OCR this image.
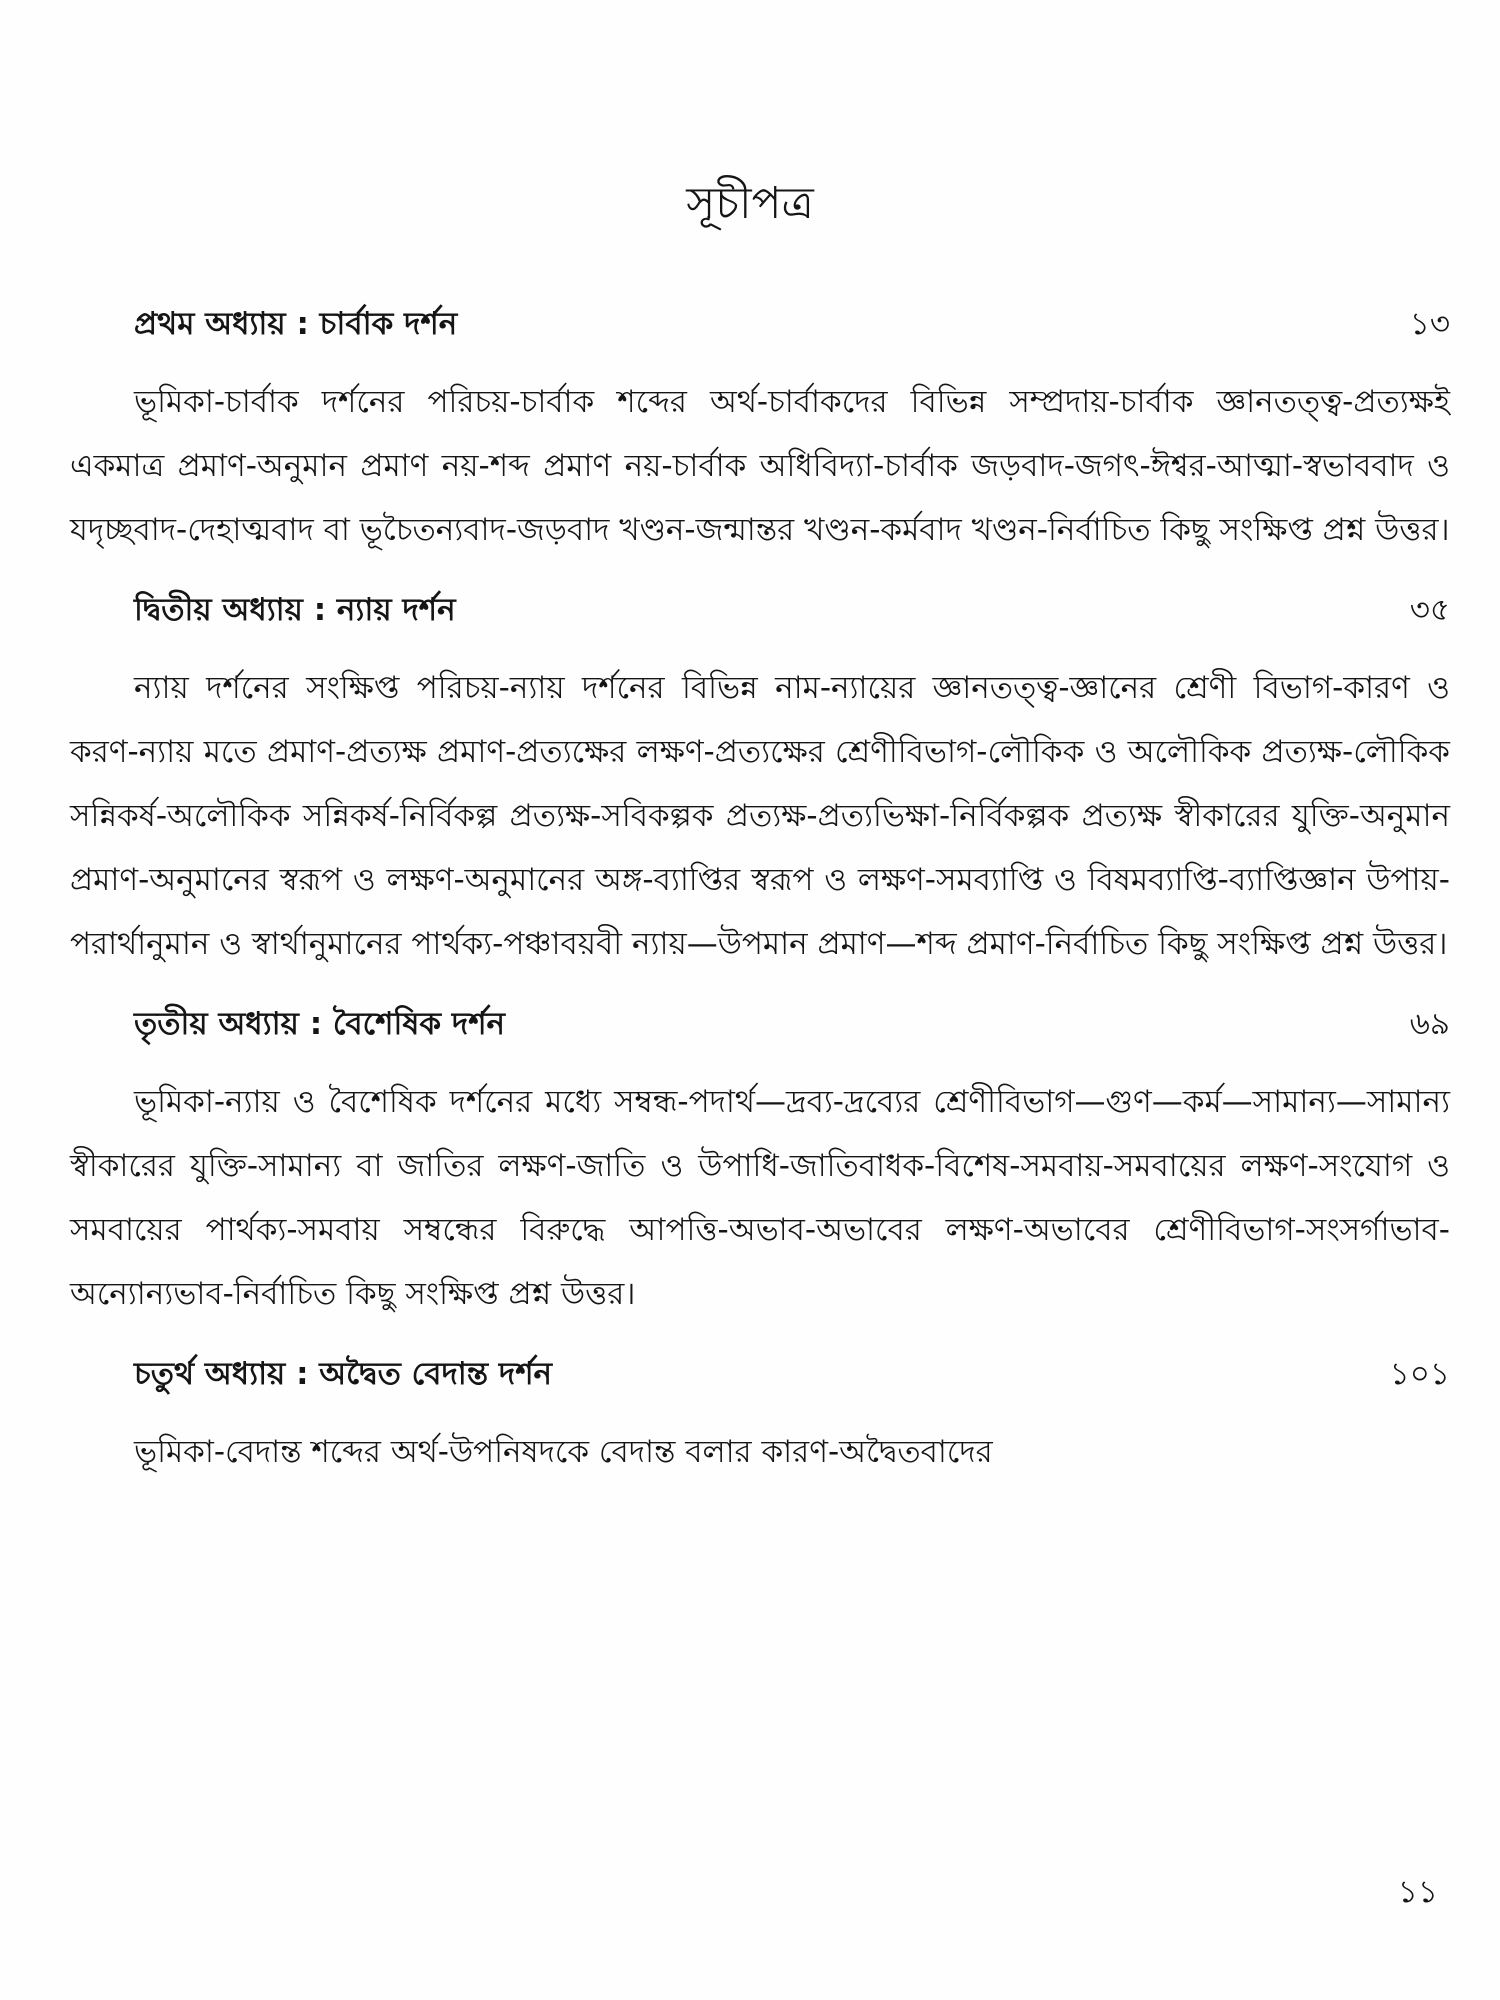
সূচীপত্র
প্রথম অধ্যায় : চার্বাক দর্শন	১৩

ভূমিকা-চার্বাক দর্শনের পরিচয়-চার্বাক শব্দের অর্থ-চার্বাকদের বিভিন্ন সম্প্রদায়-চার্বাক জ্ঞানতত্ত্ব-প্রত্যক্ষই একমাত্র প্রমাণ-অনুমান প্রমাণ নয়-শব্দ প্রমাণ নয়-চার্বাক অধিবিদ্যা-চার্বাক জড়বাদ-জগৎ-ঈশ্বর-আত্মা-স্বভাববাদ ও যদৃচ্ছবাদ-দেহাত্মবাদ বা ভূচৈতন্যবাদ-জড়বাদ খণ্ডন-জন্মান্তর খণ্ডন-কর্মবাদ খণ্ডন-নির্বাচিত কিছু সংক্ষিপ্ত প্রশ্ন উত্তর।

দ্বিতীয় অধ্যায় : ন্যায় দর্শন	৩৫

ন্যায় দর্শনের সংক্ষিপ্ত পরিচয়-ন্যায় দর্শনের বিভিন্ন নাম-ন্যায়ের জ্ঞানতত্ত্ব-জ্ঞানের শ্রেণী বিভাগ-কারণ ও করণ-ন্যায় মতে প্রমাণ-প্রত্যক্ষ প্রমাণ-প্রত্যক্ষের লক্ষণ-প্রত্যক্ষের শ্রেণীবিভাগ-লৌকিক ও অলৌকিক প্রত্যক্ষ-লৌকিক সন্নিকর্ষ-অলৌকিক সন্নিকর্ষ-নির্বিকল্প প্রত্যক্ষ-সবিকল্পক প্রত্যক্ষ-প্রত্যভিক্ষা-নির্বিকল্পক প্রত্যক্ষ স্বীকারের যুক্তি-অনুমান প্রমাণ-অনুমানের স্বরূপ ও লক্ষণ-অনুমানের অঙ্গ-ব্যাপ্তির স্বরূপ ও লক্ষণ-সমব্যাপ্তি ও বিষমব্যাপ্তি-ব্যাপ্তিজ্ঞান উপায়-পরার্থানুমান ও স্বার্থানুমানের পার্থক্য-পঞ্চাবয়বী ন্যায়—উপমান প্রমাণ—শব্দ প্রমাণ-নির্বাচিত কিছু সংক্ষিপ্ত প্রশ্ন উত্তর।

তৃতীয় অধ্যায় : বৈশেষিক দর্শন	৬৯

ভূমিকা-ন্যায় ও বৈশেষিক দর্শনের মধ্যে সম্বন্ধ-পদার্থ—দ্রব্য-দ্রব্যের শ্রেণীবিভাগ—গুণ—কর্ম—সামান্য—সামান্য স্বীকারের যুক্তি-সামান্য বা জাতির লক্ষণ-জাতি ও উপাধি-জাতিবাধক-বিশেষ-সমবায়-সমবায়ের লক্ষণ-সংযোগ ও সমবায়ের পার্থক্য-সমবায় সম্বন্ধের বিরুদ্ধে আপত্তি-অভাব-অভাবের লক্ষণ-অভাবের শ্রেণীবিভাগ-সংসর্গাভাব-অন্যোন্যভাব-নির্বাচিত কিছু সংক্ষিপ্ত প্রশ্ন উত্তর।

চতুর্থ অধ্যায় : অদ্বৈত বেদান্ত দর্শন	১০১

ভূমিকা-বেদান্ত শব্দের অর্থ-উপনিষদকে বেদান্ত বলার কারণ-অদ্বৈতবাদের

১১
